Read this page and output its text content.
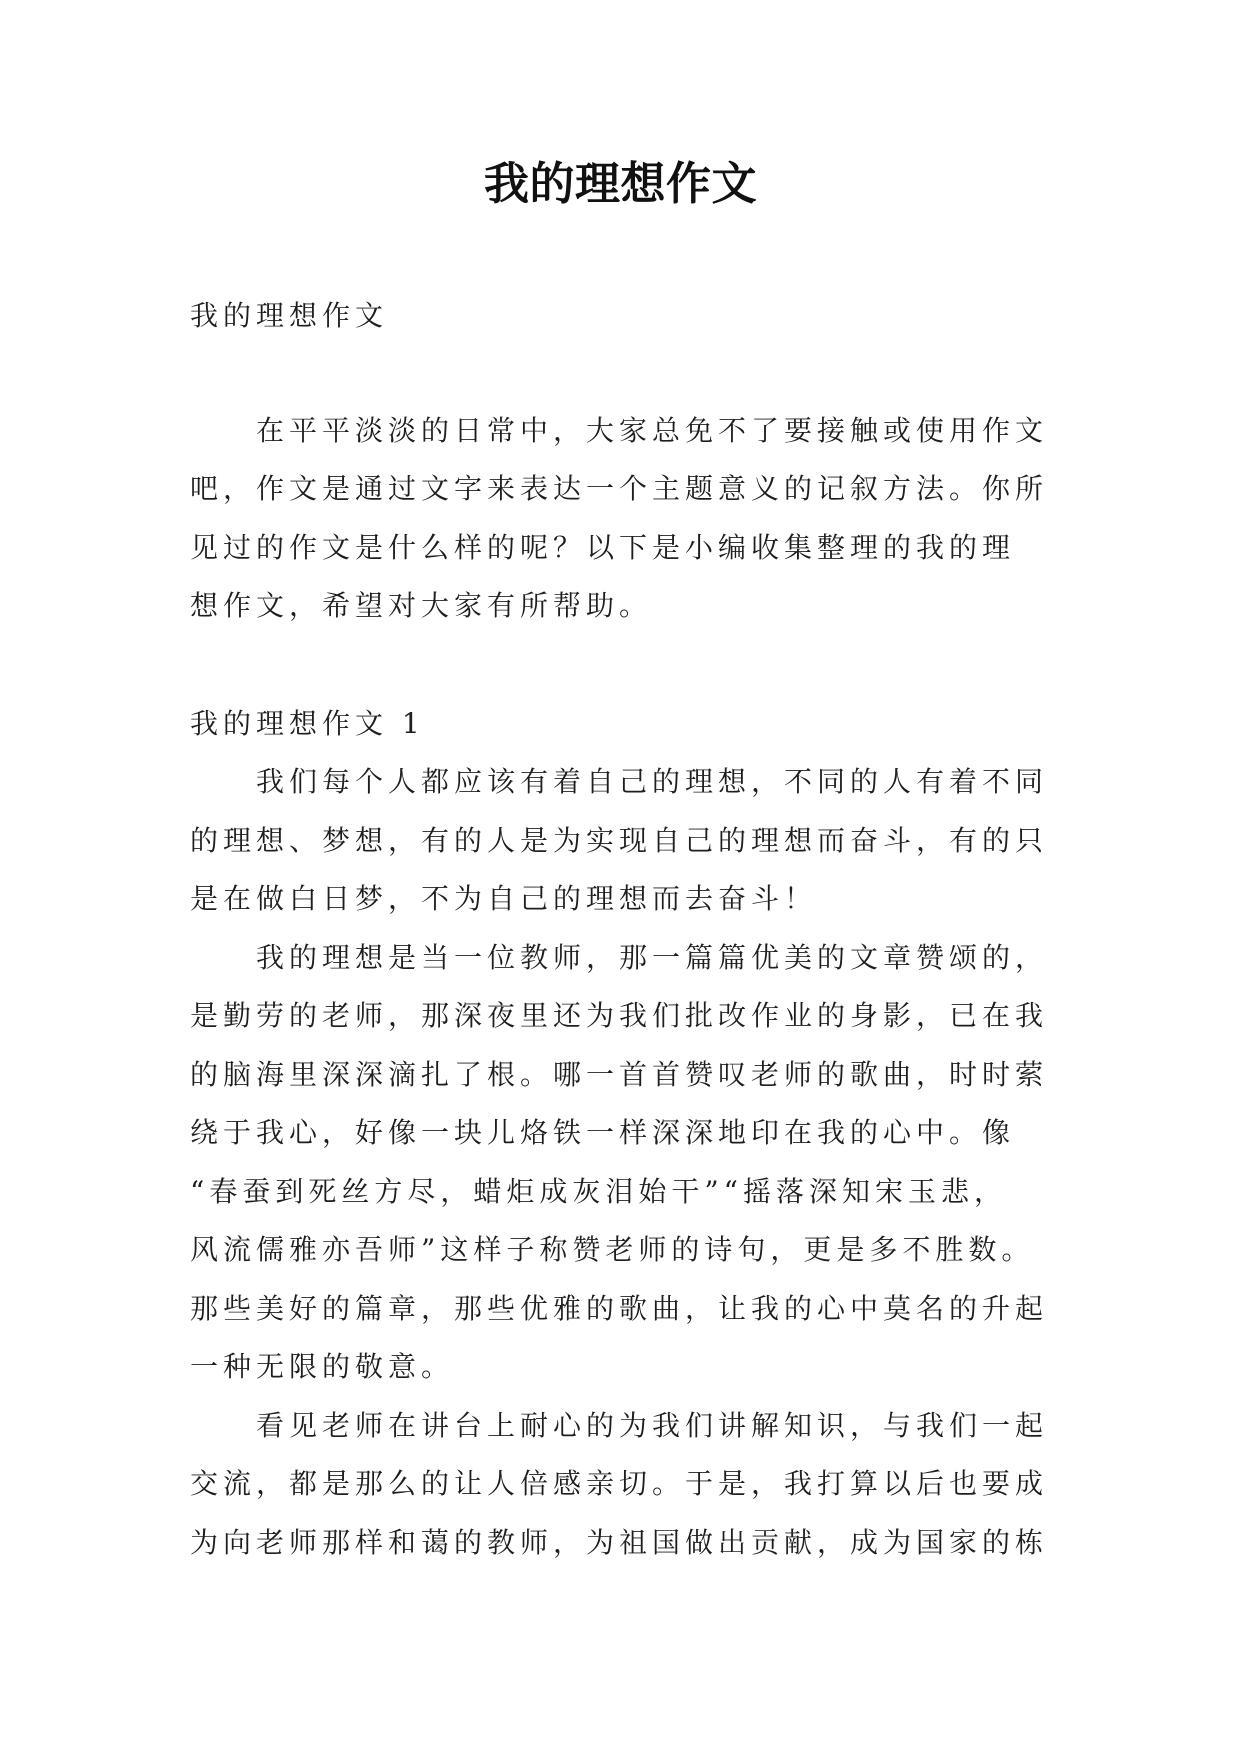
我的理想作文
我的理想作文
在平平淡淡的日常中，大家总免不了要接触或使用作文
吧，作文是通过文字来表达一个主题意义的记叙方法。你所
见过的作文是什么样的呢？以下是小编收集整理的我的理
想作文，希望对大家有所帮助。
我的理想作文 1
我们每个人都应该有着自己的理想，不同的人有着不同
的理想、梦想，有的人是为实现自己的理想而奋斗，有的只
是在做白日梦，不为自己的理想而去奋斗！
我的理想是当一位教师，那一篇篇优美的文章赞颂的，
是勤劳的老师，那深夜里还为我们批改作业的身影，已在我
的脑海里深深滴扎了根。哪一首首赞叹老师的歌曲，时时萦
绕于我心，好像一块儿烙铁一样深深地印在我的心中。像
“春蚕到死丝方尽，蜡炬成灰泪始干”“摇落深知宋玉悲，
风流儒雅亦吾师”这样子称赞老师的诗句，更是多不胜数。
那些美好的篇章，那些优雅的歌曲，让我的心中莫名的升起
一种无限的敬意。
看见老师在讲台上耐心的为我们讲解知识，与我们一起
交流，都是那么的让人倍感亲切。于是，我打算以后也要成
为向老师那样和蔼的教师，为祖国做出贡献，成为国家的栋
